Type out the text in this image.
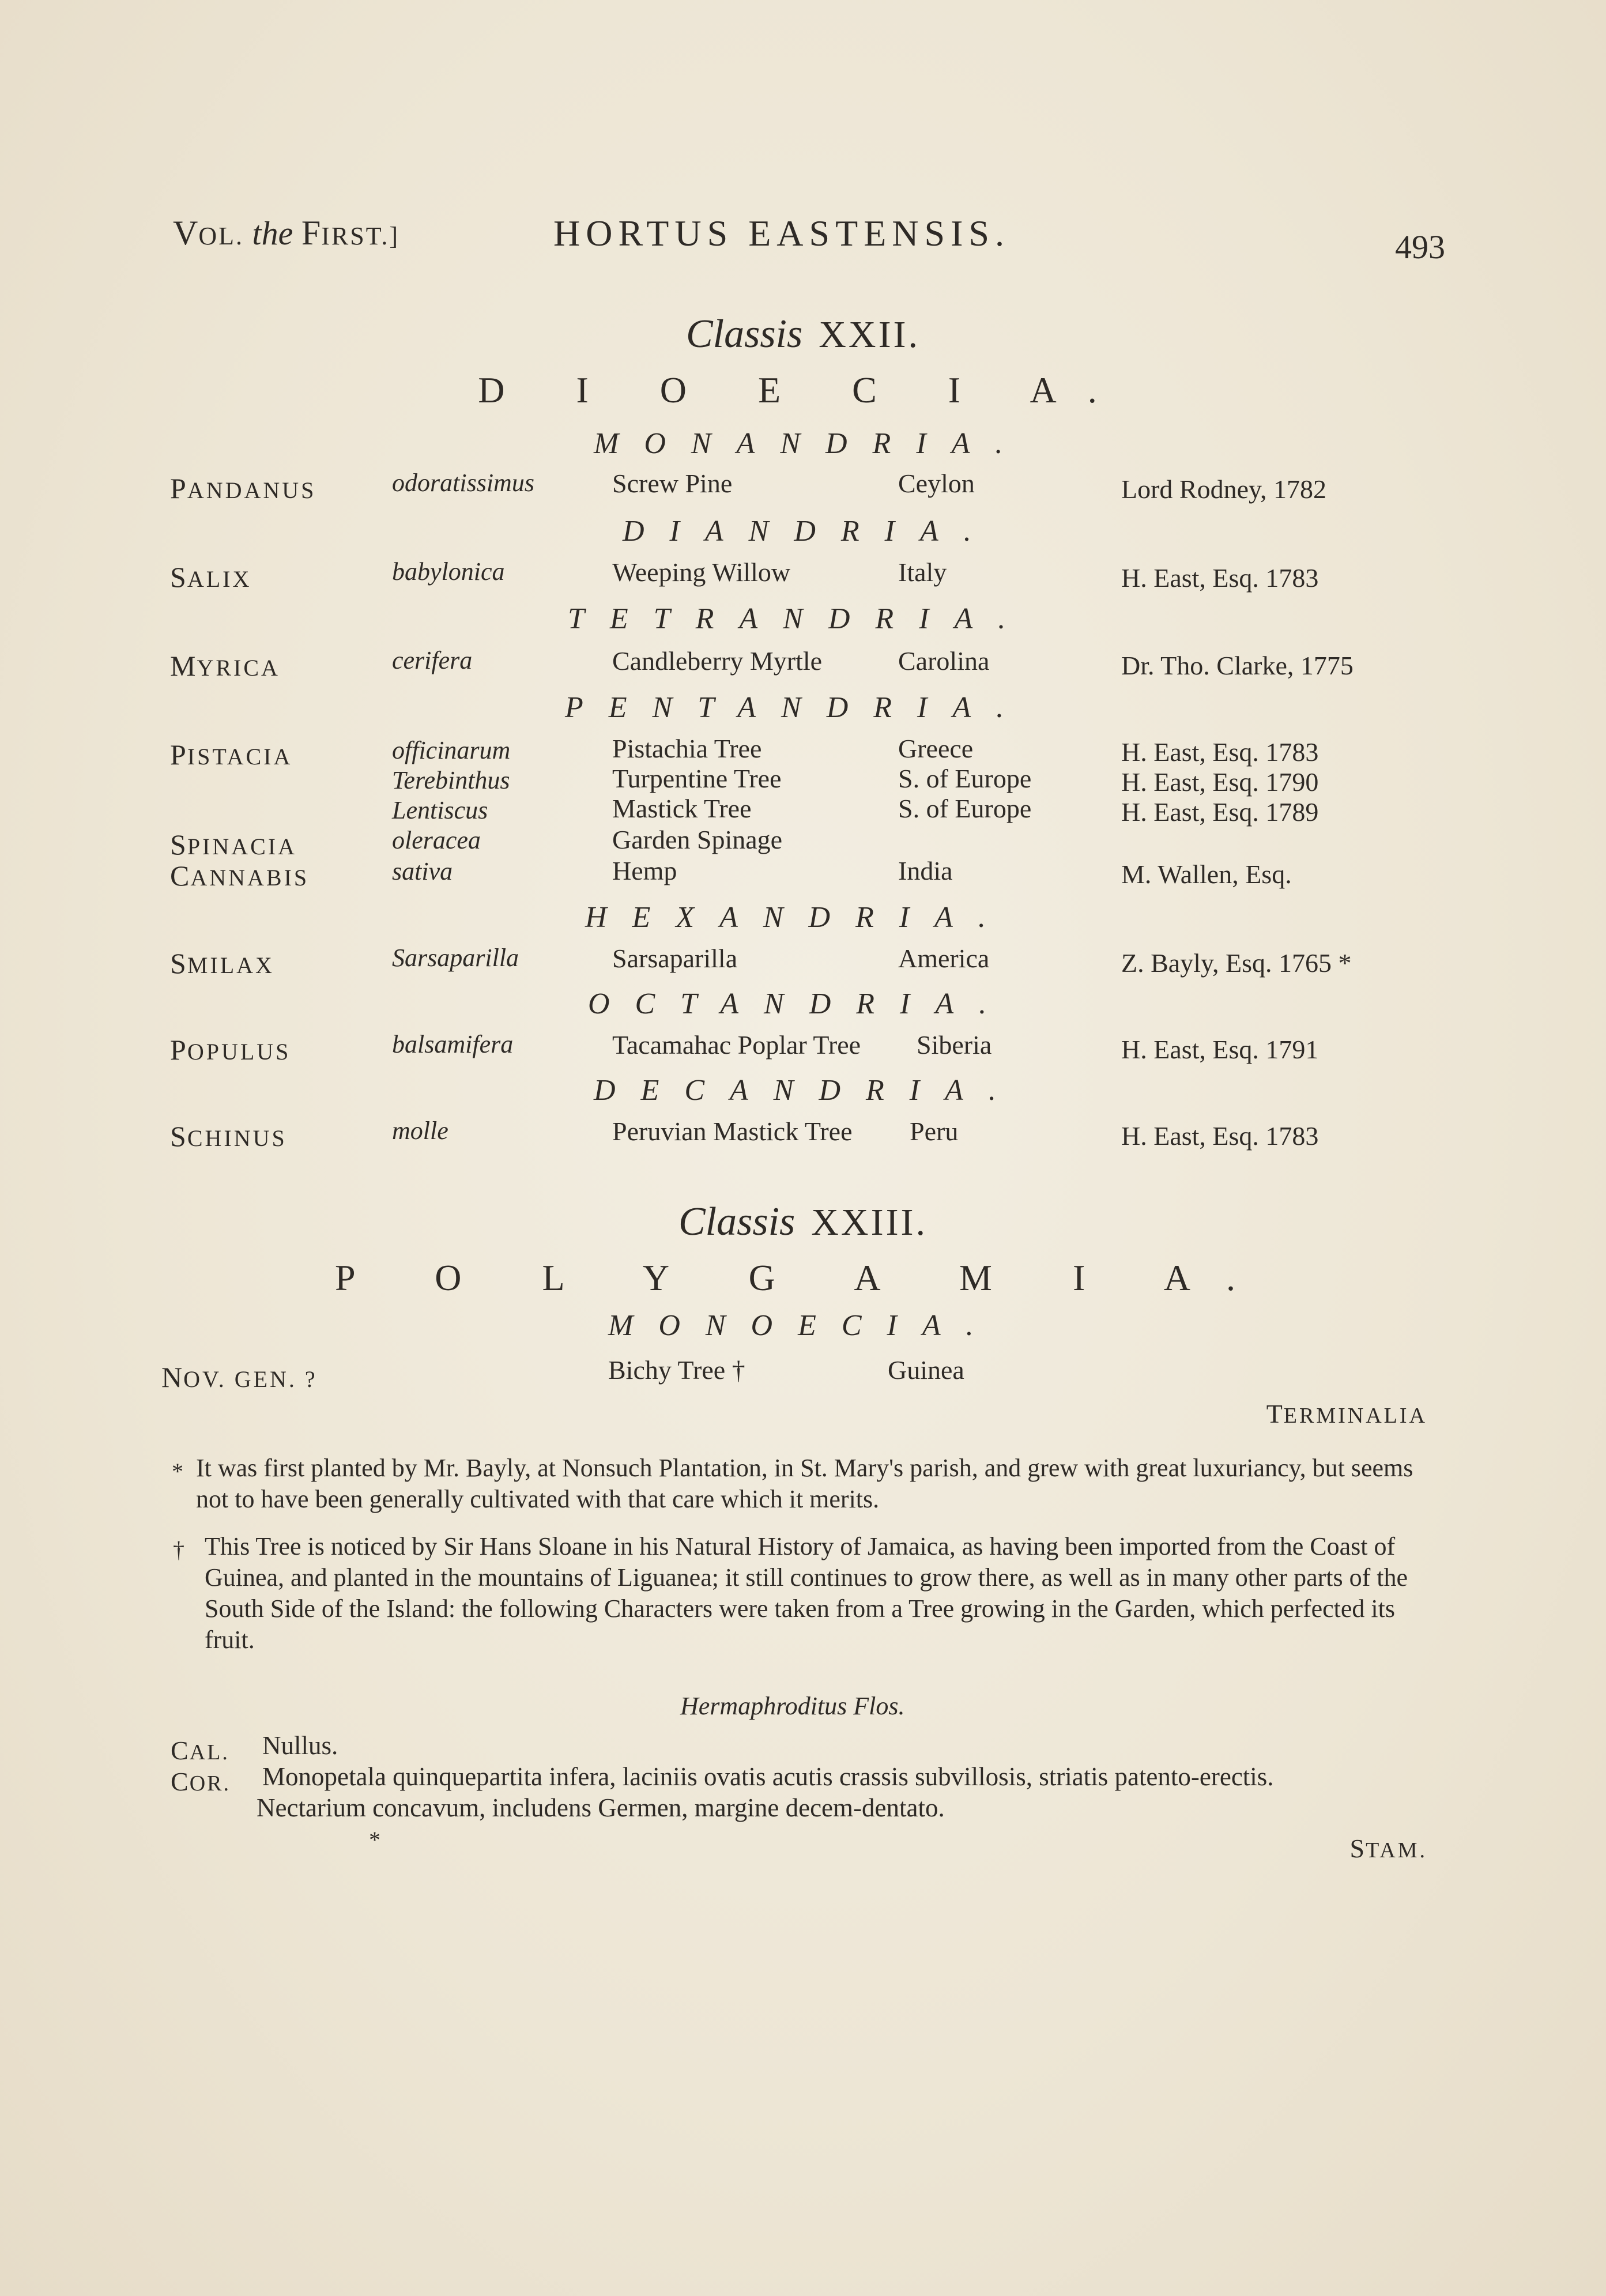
VOL. the FIRST.]	HORTUS EASTENSIS.	493
Classis XXII.
D I O E C I A.
MONANDRIA.
PANDANUS	odoratissimus	Screw Pine	Ceylon	Lord Rodney, 1782
DIANDRIA.
SALIX	babylonica	Weeping Willow	Italy	H. East, Esq. 1783
TETRANDRIA.
MYRICA	cerifera	Candleberry Myrtle	Carolina	Dr. Tho. Clarke, 1775
PENTANDRIA.
PISTACIA	officinarum	Pistachia Tree	Greece	H. East, Esq. 1783
Terebinthus	Turpentine Tree	S. of Europe	H. East, Esq. 1790
Lentiscus	Mastick Tree	S. of Europe	H. East, Esq. 1789
SPINACIA	oleracea	Garden Spinage
CANNABIS	sativa	Hemp	India	M. Wallen, Esq.
HEXANDRIA.
SMILAX	Sarsaparilla	Sarsaparilla	America	Z. Bayly, Esq. 1765 *
OCTANDRIA.
POPULUS	balsamifera	Tacamahac Poplar Tree Siberia	H. East, Esq. 1791
DECANDRIA.
SCHINUS	molle	Peruvian Mastick Tree Peru	H. East, Esq. 1783
Classis XXIII.
P O L Y G A M I A.
MONOECIA.
NOV. GEN. ?	Bichy Tree †	Guinea
TERMINALIA
* It was first planted by Mr. Bayly, at Nonsuch Plantation, in St. Mary's parish, and grew with great luxuriancy, but seems not to have been generally cultivated with that care which it merits.
† This Tree is noticed by Sir Hans Sloane in his Natural History of Jamaica, as having been imported from the Coast of Guinea, and planted in the mountains of Liguanea; it still continues to grow there, as well as in many other parts of the South Side of the Island: the following Characters were taken from a Tree growing in the Garden, which perfected its fruit.
Hermaphroditus Flos.
CAL. Nullus.
COR. Monopetala quinquepartita infera, laciniis ovatis acutis crassis subvillosis, striatis patento-erectis.
Nectarium concavum, includens Germen, margine decem-dentato.
*	STAM.
